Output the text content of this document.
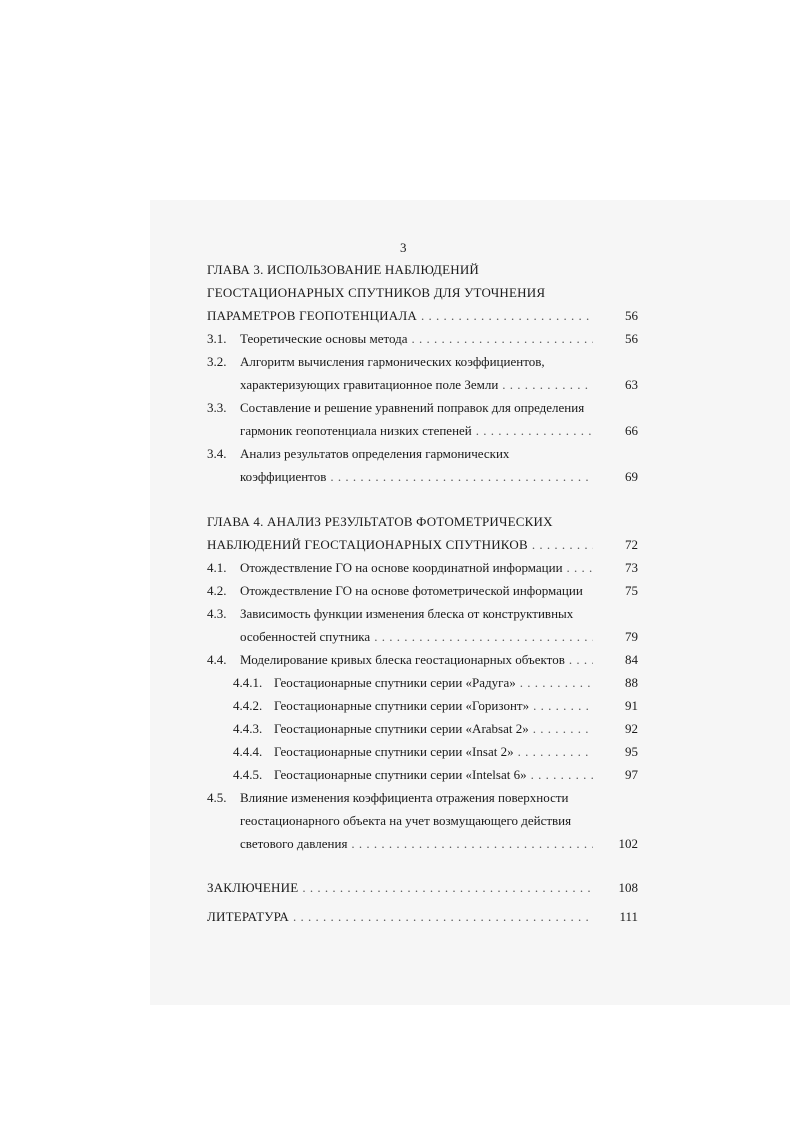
3
ГЛАВА 3. ИСПОЛЬЗОВАНИЕ НАБЛЮДЕНИЙ
ГЕОСТАЦИОНАРНЫХ СПУТНИКОВ ДЛЯ УТОЧНЕНИЯ
ПАРАМЕТРОВ ГЕОПОТЕНЦИАЛА . . .	56
3.1. Теоретические основы метода . . .	56
3.2. Алгоритм вычисления гармонических коэффициентов,
характеризующих гравитационное поле Земли . . .	63
3.3. Составление и решение уравнений поправок для определения
гармоник геопотенциала низких степеней . . .	66
3.4. Анализ результатов определения гармонических
коэффициентов . . .	69
ГЛАВА 4. АНАЛИЗ РЕЗУЛЬТАТОВ ФОТОМЕТРИЧЕСКИХ
НАБЛЮДЕНИЙ ГЕОСТАЦИОНАРНЫХ СПУТНИКОВ . . .	72
4.1. Отождествление ГО на основе координатной информации . . .	73
4.2. Отождествление ГО на основе фотометрической информации	75
4.3. Зависимость функции изменения блеска от конструктивных
особенностей спутника . . .	79
4.4. Моделирование кривых блеска геостационарных объектов . . .	84
4.4.1. Геостационарные спутники серии «Радуга» . . .	88
4.4.2. Геостационарные спутники серии «Горизонт» . . .	91
4.4.3. Геостационарные спутники серии «Arabsat 2» . . .	92
4.4.4. Геостационарные спутники серии «Insat 2» . . .	95
4.4.5. Геостационарные спутники серии «Intelsat 6» . . .	97
4.5. Влияние изменения коэффициента отражения поверхности
геостационарного объекта на учет возмущающего действия
светового давления . . .	102
ЗАКЛЮЧЕНИЕ . . .	108
ЛИТЕРАТУРА . . .	111
